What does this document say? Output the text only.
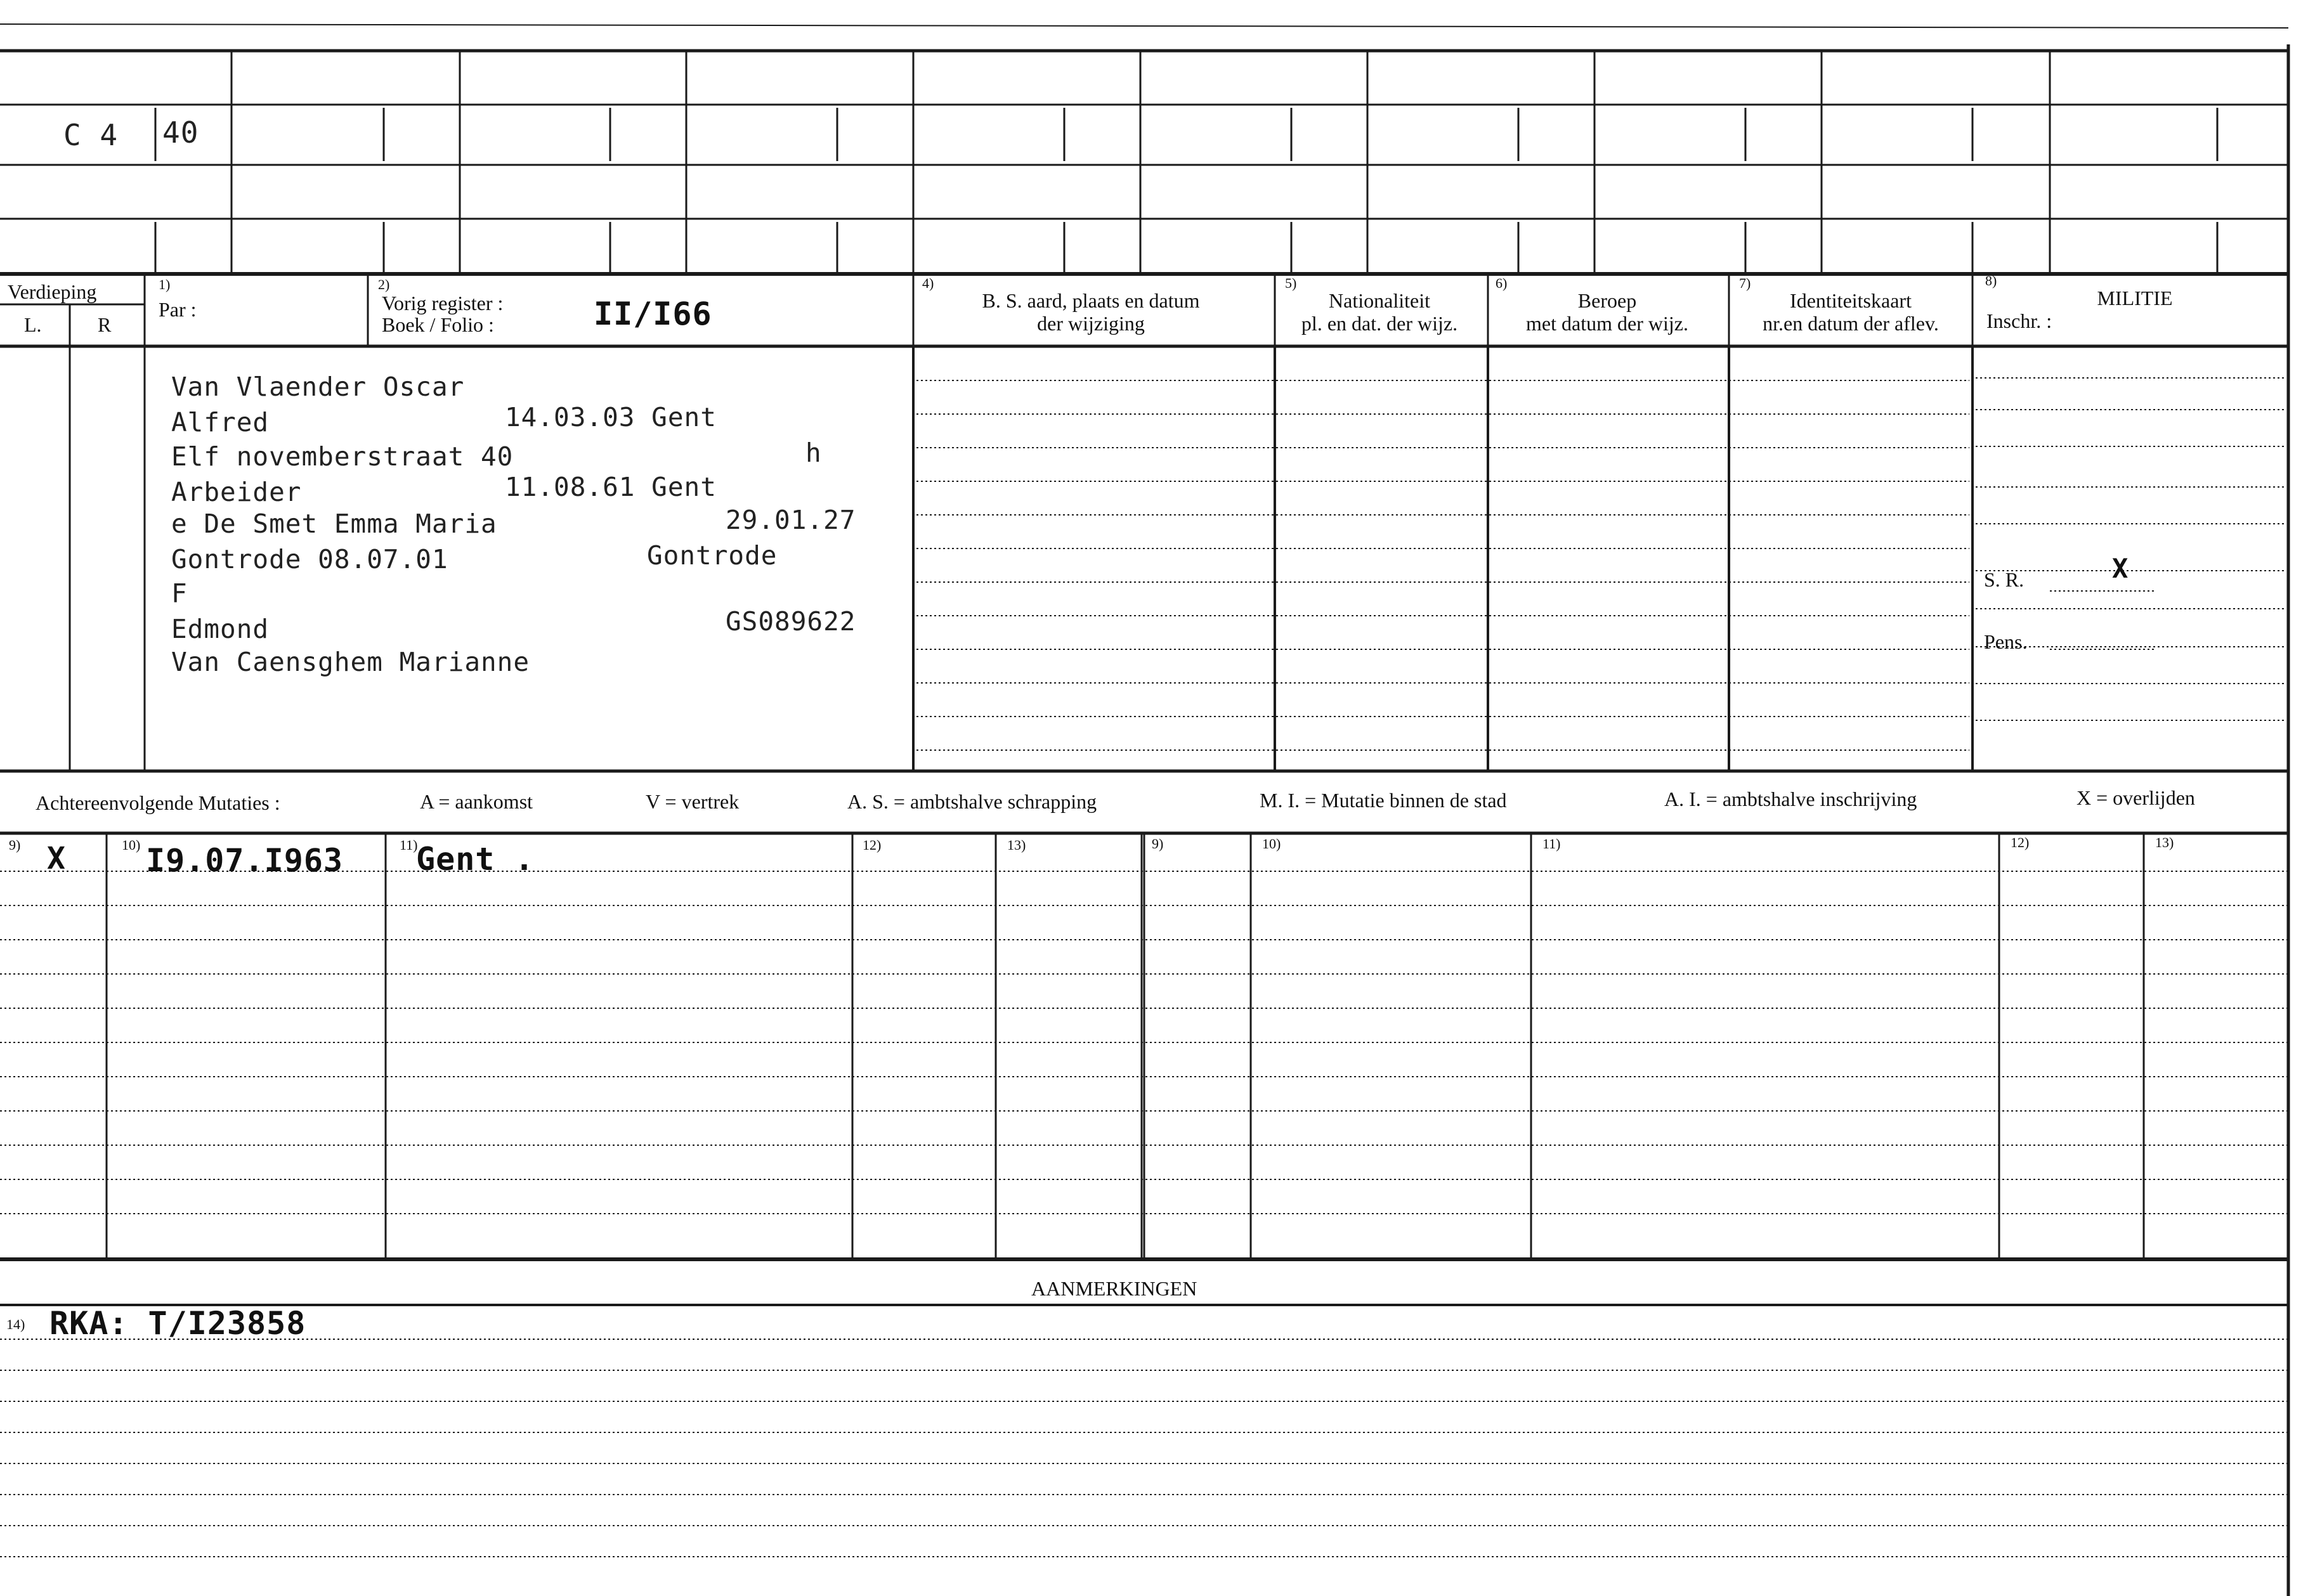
C 4 40
Verdieping
L.	R
1)
Par :
2)
Vorig register :
Boek / Folio :	II/I66
4)
B. S. aard, plaats en datum
der wijziging
5)
Nationaliteit
pl. en dat. der wijz.
6)
Beroep
met datum der wijz.
7)
Identiteitskaart
nr.en datum der aflev.
8)
MILITIE
Inschr. :
Van Vlaender Oscar
Alfred	14.03.03 Gent
Elf novemberstraat 40	h
Arbeider	11.08.61 Gent
e De Smet Emma Maria	29.01.27
Gontrode 08.07.01	Gontrode
F
Edmond	GS089622
Van Caensghem Marianne
S. R.	X
Pens.
Achtereenvolgende Mutaties :	A = aankomst	V = vertrek	A. S. = ambtshalve schrapping	M. I. = Mutatie binnen de stad	A. I. = ambtshalve inschrijving	X = overlijden
9)	10)	11)	12)	13)	9)	10)	11)	12)	13)
X	I9.07.I963 Gent .
AANMERKINGEN
14) RKA: T/I23858
